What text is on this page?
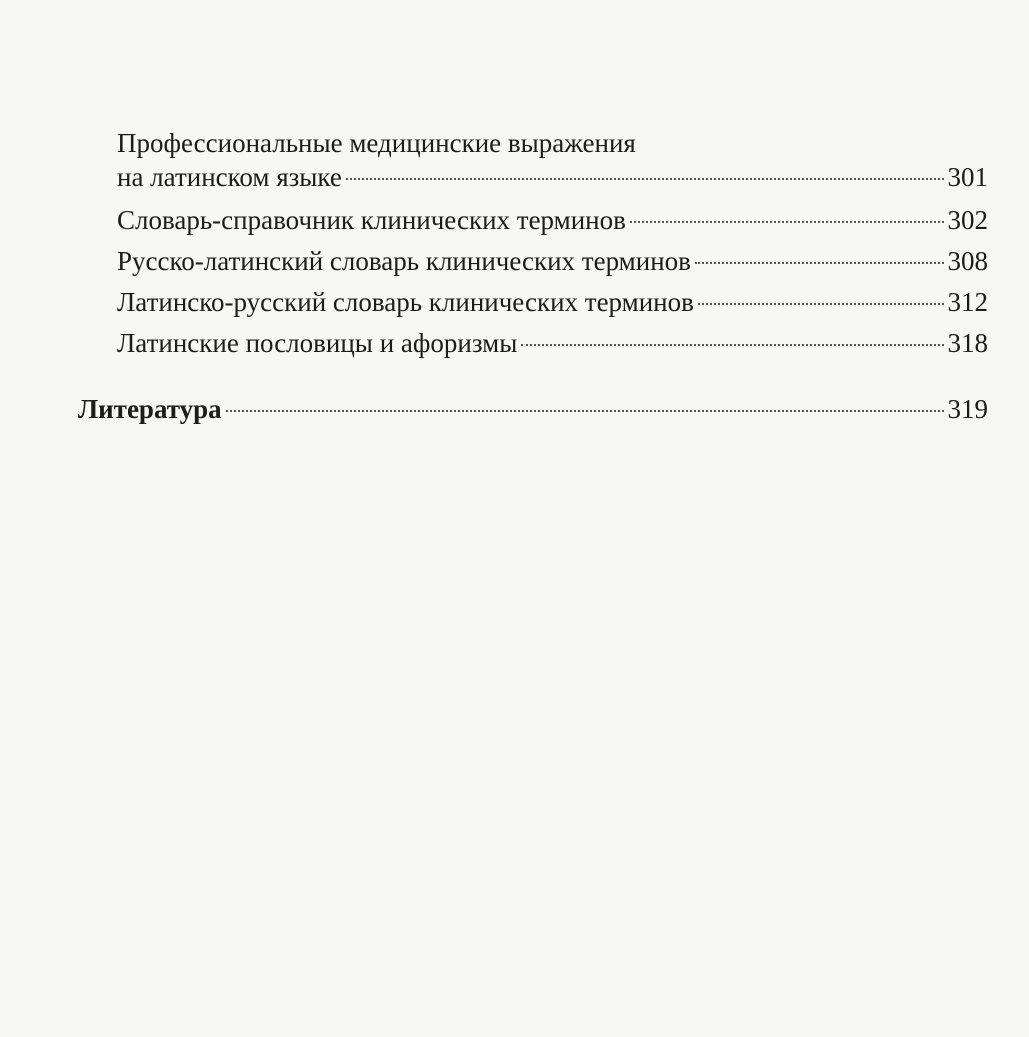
Профессиональные медицинские выражения
на латинском языке	301
Словарь-справочник клинических терминов	302
Русско-латинский словарь клинических терминов	308
Латинско-русский словарь клинических терминов	312
Латинские пословицы и афоризмы	318
Литература	319
